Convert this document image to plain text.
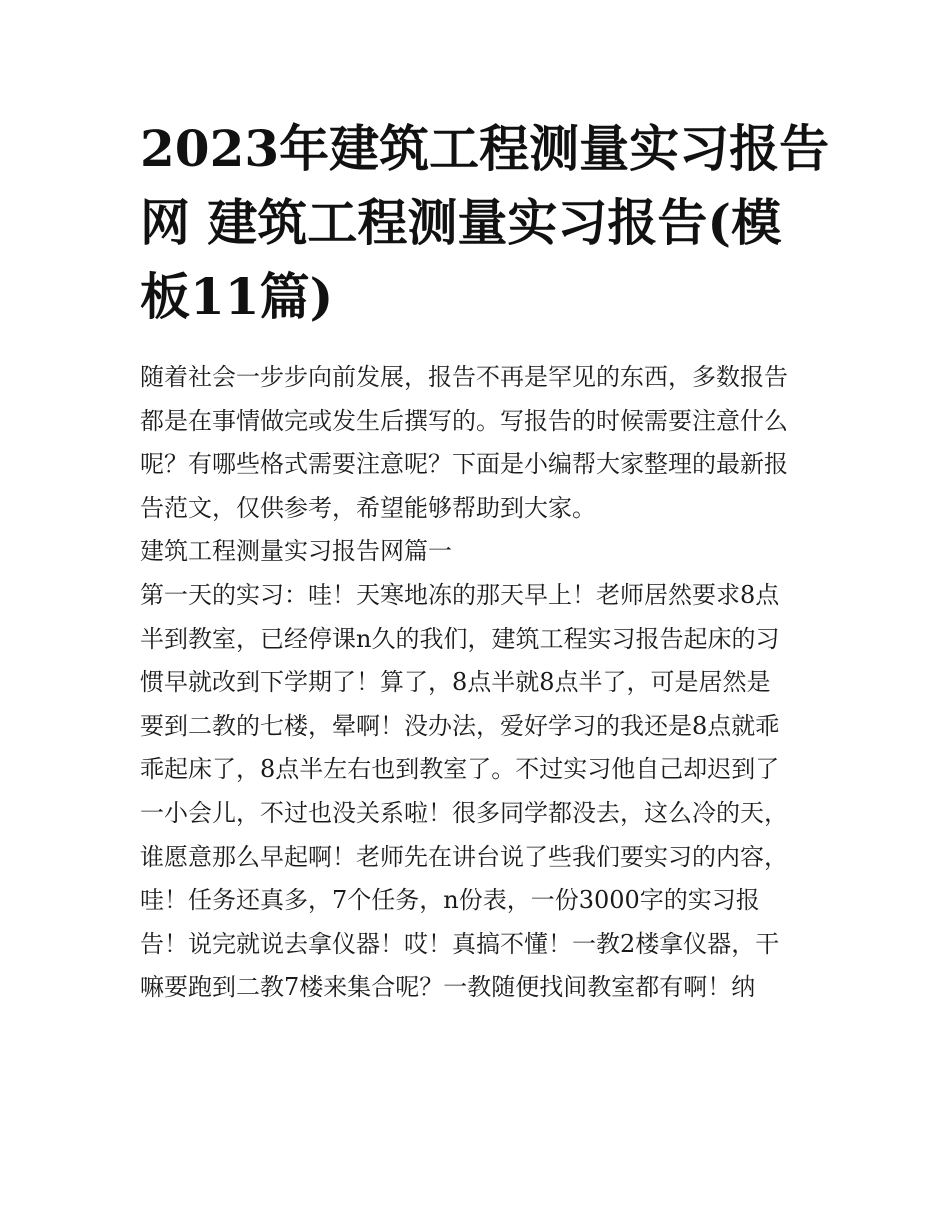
2023年建筑工程测量实习报告
网 建筑工程测量实习报告(模
板11篇)
随着社会一步步向前发展，报告不再是罕见的东西，多数报告
都是在事情做完或发生后撰写的。写报告的时候需要注意什么
呢？有哪些格式需要注意呢？下面是小编帮大家整理的最新报
告范文，仅供参考，希望能够帮助到大家。
建筑工程测量实习报告网篇一
第一天的实习：哇！天寒地冻的那天早上！老师居然要求8点
半到教室，已经停课n久的我们，建筑工程实习报告起床的习
惯早就改到下学期了！算了，8点半就8点半了，可是居然是
要到二教的七楼，晕啊！没办法，爱好学习的我还是8点就乖
乖起床了，8点半左右也到教室了。不过实习他自己却迟到了
一小会儿，不过也没关系啦！很多同学都没去，这么冷的天，
谁愿意那么早起啊！老师先在讲台说了些我们要实习的内容，
哇！任务还真多，7个任务，n份表，一份3000字的实习报
告！说完就说去拿仪器！哎！真搞不懂！一教2楼拿仪器，干
嘛要跑到二教7楼来集合呢？一教随便找间教室都有啊！纳
